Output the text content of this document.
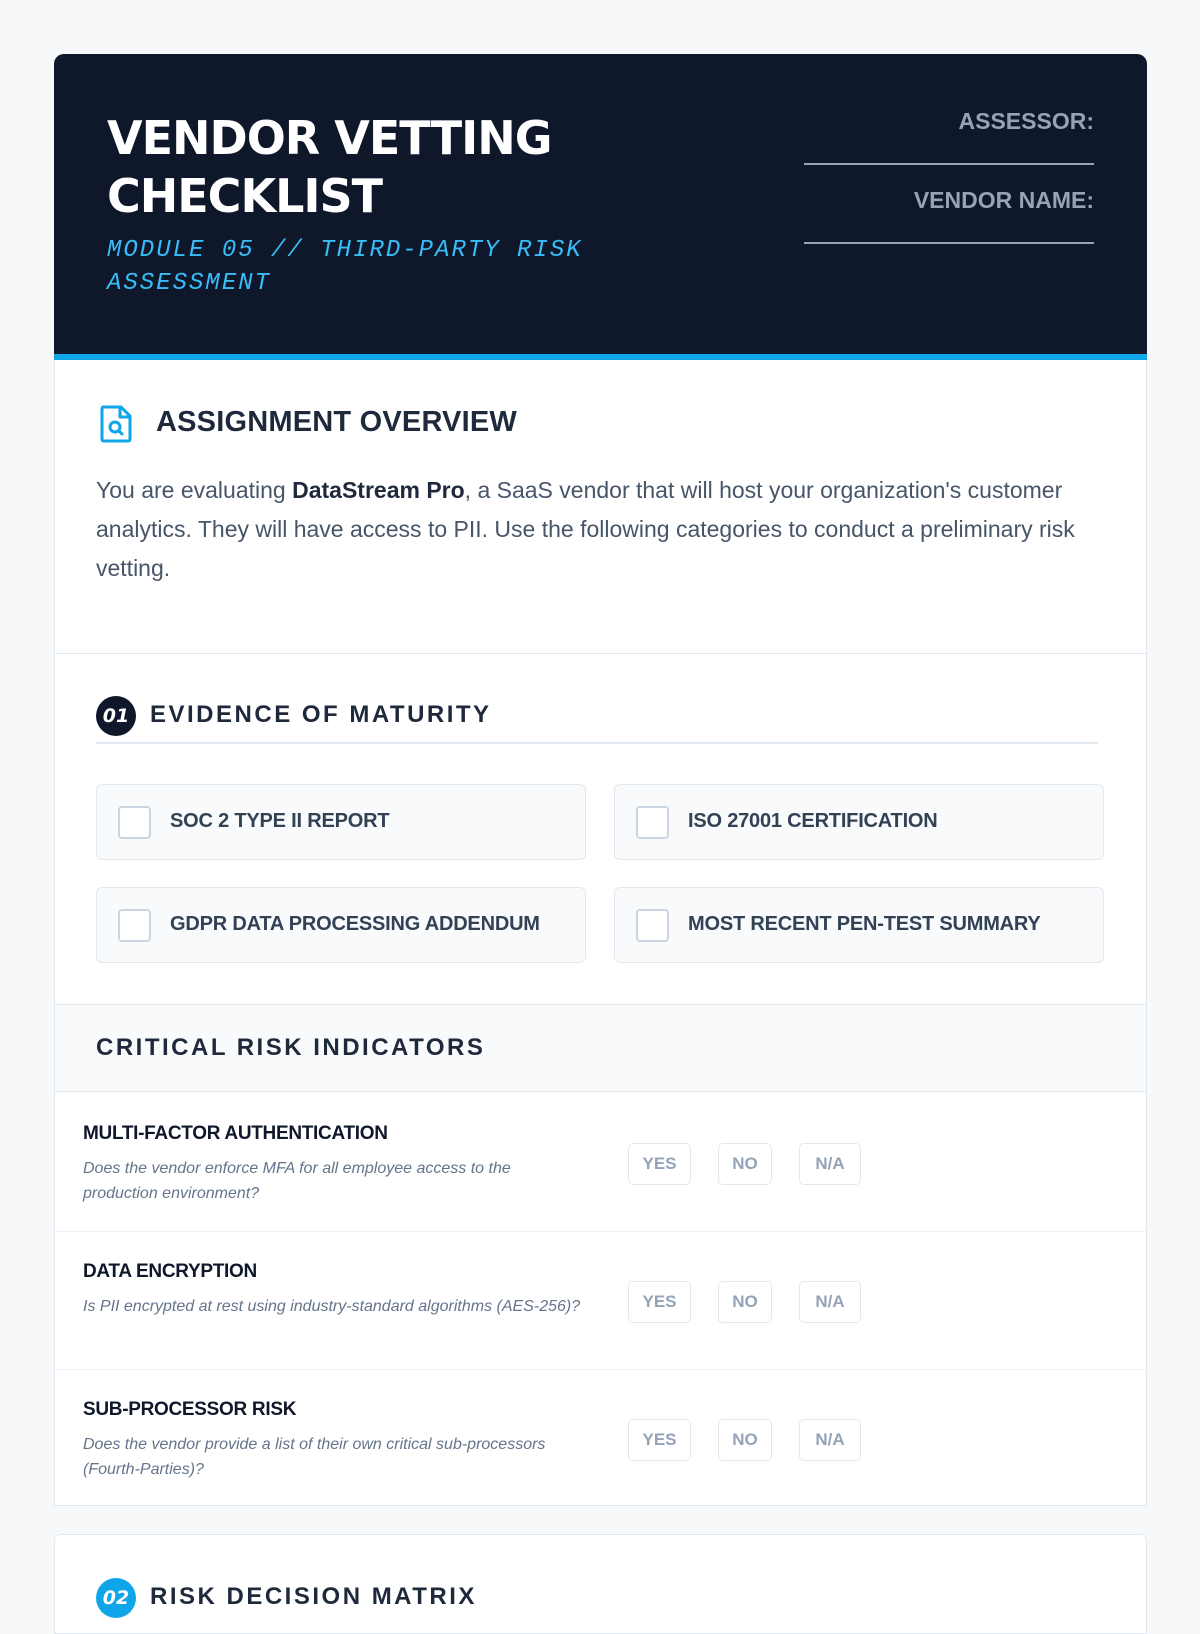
VENDOR VETTING CHECKLIST
MODULE 05 // THIRD-PARTY RISK ASSESSMENT
ASSESSOR:
VENDOR NAME:
ASSIGNMENT OVERVIEW

You are evaluating DataStream Pro, a SaaS vendor that will host your organization's customer analytics. They will have access to PII. Use the following categories to conduct a preliminary risk vetting.

01 EVIDENCE OF MATURITY
SOC 2 TYPE II REPORT	ISO 27001 CERTIFICATION
GDPR DATA PROCESSING ADDENDUM	MOST RECENT PEN-TEST SUMMARY
CRITICAL RISK INDICATORS
MULTI-FACTOR AUTHENTICATION
Does the vendor enforce MFA for all employee access to the production environment?
YES	NO	N/A
DATA ENCRYPTION
Is PII encrypted at rest using industry-standard algorithms (AES-256)?	YES	NO	N/A
SUB-PROCESSOR RISK
Does the vendor provide a list of their own critical sub-processors (Fourth-Parties)?
YES	NO	N/A
02 RISK DECISION MATRIX
